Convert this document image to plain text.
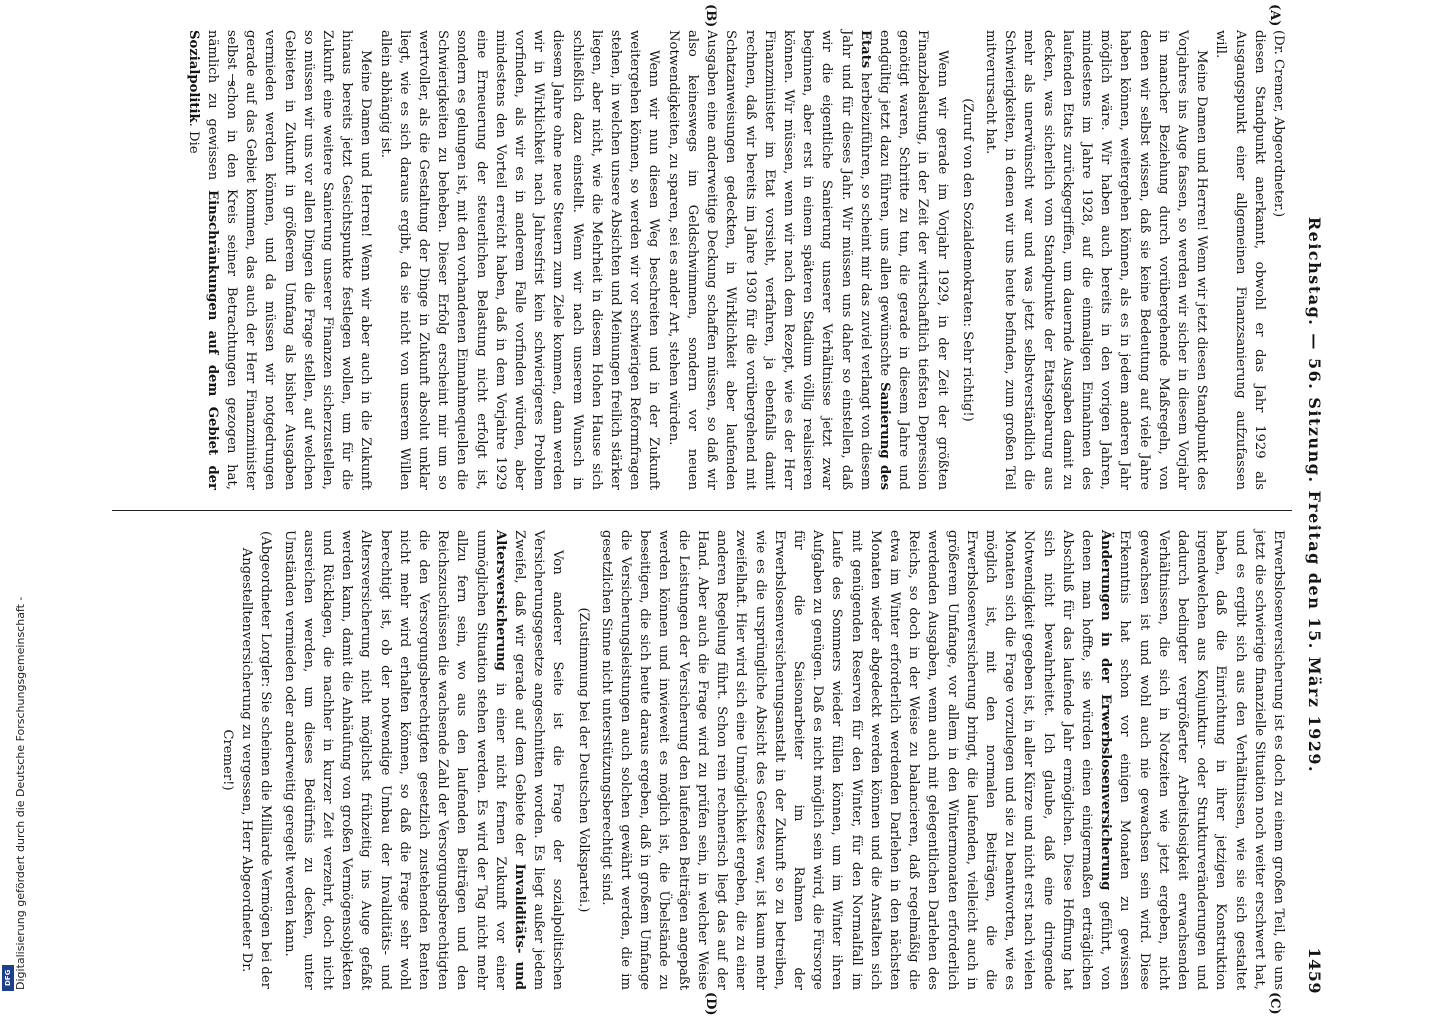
Digitalisierung gefördert durch die Deutsche Forschungsgemeinschaft -
DFG
Reichstag. — 56. Sitzung. Freitag den 15. März 1929.
1459
(A)
(B)
(C)
(D)

(Dr. Cremer, Abgeordneter.)

diesen Standpunkt anerkannt, obwohl er das Jahr 1929 als Ausgangspunkt einer allgemeinen Finanzsanierung aufzufassen will.

Meine Damen und Herren! Wenn wir jetzt diesen Standpunkt des Vorjahres ins Auge fassen, so werden wir sicher in diesem Vorjahr in mancher Beziehung durch vorübergehende Maßregeln, von denen wir selbst wissen, daß sie keine Bedeutung auf viele Jahre haben können, weitergehen können, als es in jedem anderen Jahr möglich wäre. Wir haben auch bereits in den vorigen Jahren, mindestens im Jahre 1928, auf die einmaligen Einnahmen des laufenden Etats zurückgegriffen, um dauernde Ausgaben damit zu decken, was sicherlich vom Standpunkte der Etatsgebarung aus mehr als unerwünscht war und was jetzt selbstverständlich die Schwierigkeiten, in denen wir uns heute befinden, zum großen Teil mitverursacht hat.

(Zuruf von den Sozialdemokraten: Sehr richtig!)

Wenn wir gerade im Vorjahr 1929, in der Zeit der größten Finanzbelastung, in der Zeit der wirtschaftlich tiefsten Depression genötigt waren, Schritte zu tun, die gerade in diesem Jahre und endgültig jetzt dazu führen, uns allen gewünschte Sanierung des Etats herbeizuführen, so scheint mir das zuviel verlangt von diesem Jahr und für dieses Jahr. Wir müssen uns daher so einstellen, daß wir die eigentliche Sanierung unserer Verhältnisse jetzt zwar beginnen, aber erst in einem späteren Stadium völlig realisieren können. Wir müssen, wenn wir nach dem Rezept, wie es der Herr Finanzminister im Etat vorsieht, verfahren, ja ebenfalls damit rechnen, daß wir bereits im Jahre 1930 für die vorübergehend mit Schatzanweisungen gedeckten, in Wirklichkeit aber laufenden Ausgaben eine anderweitige Deckung schaffen müssen, so daß wir also keineswegs im Geldschwimmen, sondern vor neuen Notwendigkeiten, zu sparen, sei es ander Art, stehen würden.

Wenn wir nun diesen Weg beschreiten und in der Zukunft weitergehen können, so werden wir vor schwierigen Reformfragen stehen, in welchen unsere Absichten und Meinungen freilich stärker liegen, aber nicht, wie die Mehrheit in diesem Hohen Hause sich schließlich dazu einstellt. Wenn wir nach unserem Wunsch in diesem Jahre ohne neue Steuern zum Ziele kommen, dann werden wir in Wirklichkeit nach Jahresfrist kein schwierigeres Problem vorfinden, als wir es in anderem Falle vorfinden würden, aber mindestens den Vorteil erreicht haben, daß in dem Vorjahre 1929 eine Erneuerung der steuerlichen Belastung nicht erfolgt ist, sondern es gelungen ist, mit den vorhandenen Einnahmequellen die Schwierigkeiten zu beheben. Dieser Erfolg erscheint mir um so wertvoller, als die Gestaltung der Dinge in Zukunft absolut unklar liegt, wie es sich daraus ergibt, da sie nicht von unserem Willen allein abhängig ist.

Meine Damen und Herren! Wenn wir aber auch in die Zukunft hinaus bereits jetzt Gesichtspunkte festlegen wollen, um für die Zukunft eine weitere Sanierung unserer Finanzen sicherzustellen, so müssen wir uns vor allen Dingen die Frage stellen, auf welchen Gebieten in Zukunft in größerem Umfang als bisher Ausgaben vermieden werden können, und da müssen wir notgedrungen gerade auf das Gebiet kommen, das auch der Herr Finanzminister selbst schon in den Kreis seiner Betrachtungen gezogen hat, nämlich zu gewissen Einschränkungen auf dem Gebiet der Sozialpolitik. Die

Erwerbslosenversicherung ist es doch zu einem großen Teil, die uns jetzt die schwierige finanzielle Situation noch weiter erschwert hat, und es ergibt sich aus den Verhältnissen, wie sie sich gestaltet haben, daß die Einrichtung in ihrer jetzigen Konstruktion irgendwelchen aus Konjunktur- oder Strukturveränderungen und dadurch bedingter vergrößerter Arbeitslosigkeit erwachsenden Verhältnissen, die sich in Notzeiten wie jetzt ergeben, nicht gewachsen ist und wohl auch nie gewachsen sein wird. Diese Erkenntnis hat schon vor einigen Monaten zu gewissen Änderungen in der Erwerbslosenversicherung geführt, von denen man hoffte, sie würden einen einigermaßen erträglichen Abschluß für das laufende Jahr ermöglichen. Diese Hoffnung hat sich nicht bewahrheitet. Ich glaube, daß eine dringende Notwendigkeit gegeben ist, in aller Kürze und nicht erst nach vielen Monaten sich die Frage vorzulegen und sie zu beantworten, wie es möglich ist, mit den normalen Beiträgen, die die Erwerbslosenversicherung bringt, die laufenden, vielleicht auch in größerem Umfange, vor allem in den Wintermonaten erforderlich werdenden Ausgaben, wenn auch mit gelegentlichen Darlehen des Reichs, so doch in der Weise zu balancieren, daß regelmäßig die etwa im Winter erforderlich werdenden Darlehen in den nächsten Monaten wieder abgedeckt werden können und die Anstalten sich mit genügenden Reserven für den Winter, für den Normalfall im Laufe des Sommers wieder füllen können, um im Winter ihren Aufgaben zu genügen. Daß es nicht möglich sein wird, die Fürsorge für die Saisonarbeiter im Rahmen der Erwerbslosenversicherungsanstalt in der Zukunft so zu betreiben, wie es die ursprüngliche Absicht des Gesetzes war, ist kaum mehr zweifelhaft. Hier wird sich eine Unmöglichkeit ergeben, die zu einer anderen Regelung führt. Schon rein rechnerisch liegt das auf der Hand. Aber auch die Frage wird zu prüfen sein, in welcher Weise die Leistungen der Versicherung den laufenden Beiträgen angepaßt werden können und inwieweit es möglich ist, die Übelstände zu beseitigen, die sich heute daraus ergeben, daß in großem Umfange die Versicherungsleistungen auch solchen gewährt werden, die im gesetzlichen Sinne nicht unterstützungsberechtigt sind.

(Zustimmung bei der Deutschen Volkspartei.)

Von anderer Seite ist die Frage der sozialpolitischen Versicherungsgesetze angeschnitten worden. Es liegt außer jedem Zweifel, daß wir gerade auf dem Gebiete der Invaliditäts- und Altersversicherung in einer nicht fernen Zukunft vor einer unmöglichen Situation stehen werden. Es wird der Tag nicht mehr allzu fern sein, wo aus den laufenden Beiträgen und den Reichszuschüssen die wachsende Zahl der Versorgungsberechtigten die den Versorgungsberechtigten gesetzlich zustehenden Renten nicht mehr wird erhalten können, so daß die Frage sehr wohl berechtigt ist, ob der notwendige Umbau der Invaliditäts- und Altersversicherung nicht möglichst frühzeitig ins Auge gefaßt werden kann, damit die Anhäufung von großen Vermögensobjekten und Rücklagen, die nachher in kurzer Zeit verzehrt, doch nicht ausreichen werden, um dieses Bedürfnis zu decken, unter Umständen vermieden oder anderweitig geregelt werden kann.

(Abgeordneter Lorgler: Sie scheinen die Milliarde Vermögen bei der Angestelltenversicherung zu vergessen, Herr Abgeordneter Dr. Cremer!)
